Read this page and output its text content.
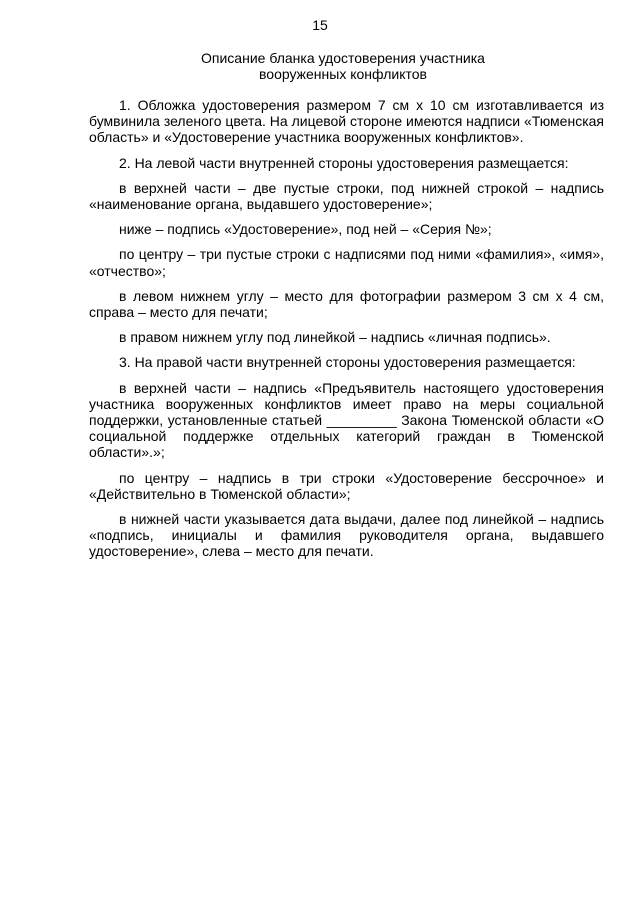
15
Описание бланка удостоверения участника
вооруженных конфликтов

1. Обложка удостоверения размером 7 см х 10 см изготавливается из бумвинила зеленого цвета. На лицевой стороне имеются надписи «Тюменская область» и «Удостоверение участника вооруженных конфликтов».

2. На левой части внутренней стороны удостоверения размещается:

в верхней части – две пустые строки, под нижней строкой – надпись «наименование органа, выдавшего удостоверение»;

ниже – подпись «Удостоверение», под ней – «Серия №»;

по центру – три пустые строки с надписями под ними «фамилия», «имя», «отчество»;

в левом нижнем углу – место для фотографии размером 3 см х 4 см, справа – место для печати;

в правом нижнем углу под линейкой – надпись «личная подпись».

3. На правой части внутренней стороны удостоверения размещается:

в верхней части – надпись «Предъявитель настоящего удостоверения участника вооруженных конфликтов имеет право на меры социальной поддержки, установленные статьей _________ Закона Тюменской области «О социальной поддержке отдельных категорий граждан в Тюменской области».»;

по центру – надпись в три строки «Удостоверение бессрочное» и «Действительно в Тюменской области»;

в нижней части указывается дата выдачи, далее под линейкой – надпись «подпись, инициалы и фамилия руководителя органа, выдавшего удостоверение», слева – место для печати.
